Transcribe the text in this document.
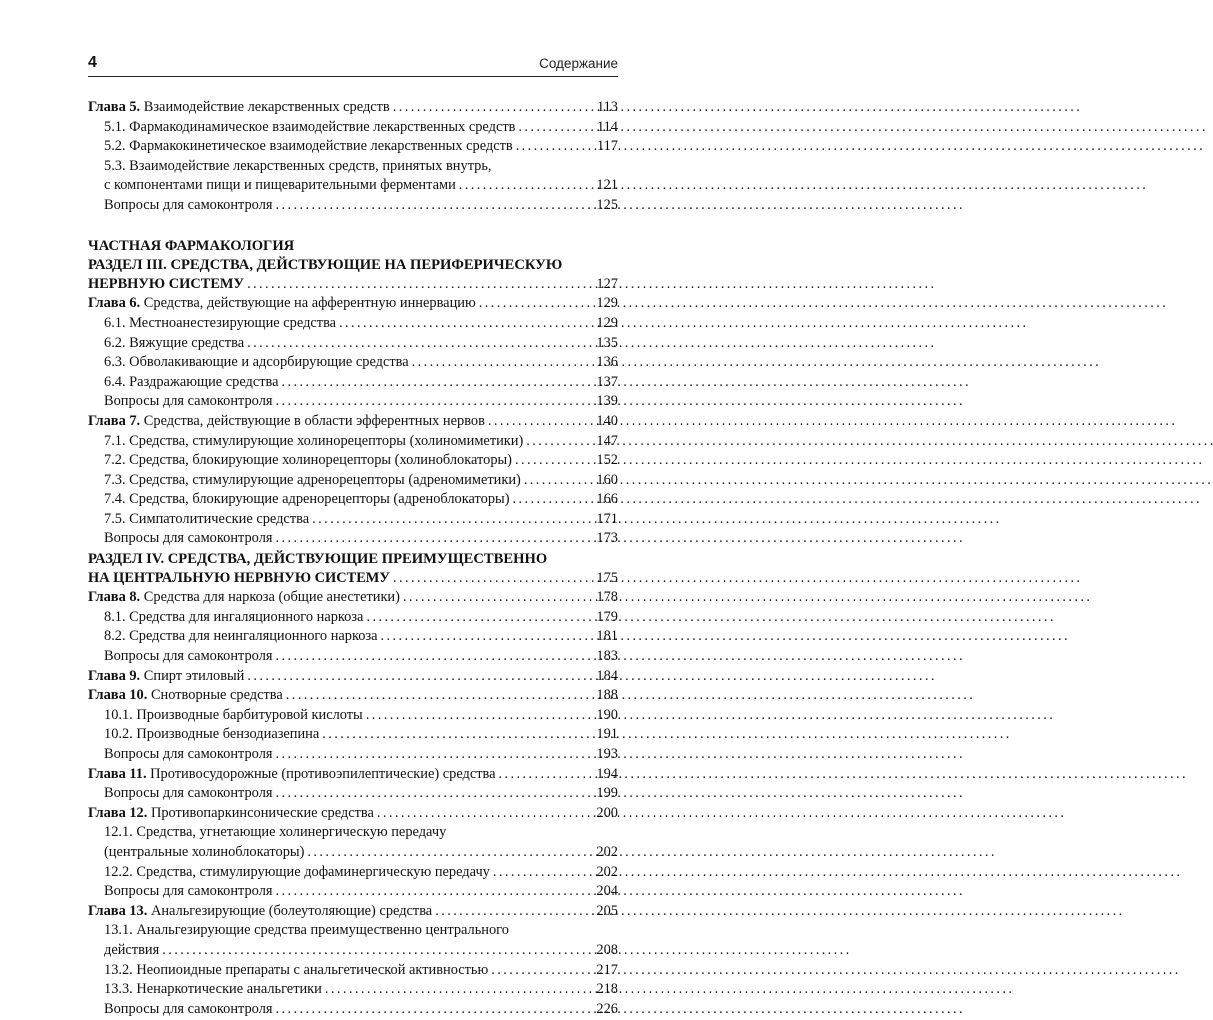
4	Содержание
Глава 5. Взаимодействие лекарственных средств . . .	113
5.1. Фармакодинамическое взаимодействие лекарственных средств . . .	114
5.2. Фармакокинетическое взаимодействие лекарственных средств . . .	117
5.3. Взаимодействие лекарственных средств, принятых внутрь,
с компонентами пищи и пищеварительными ферментами . . .	121
Вопросы для самоконтроля . . .	125
ЧАСТНАЯ ФАРМАКОЛОГИЯ
РАЗДЕЛ III. СРЕДСТВА, ДЕЙСТВУЮЩИЕ НА ПЕРИФЕРИЧЕСКУЮ
НЕРВНУЮ СИСТЕМУ . . .	127
Глава 6. Средства, действующие на афферентную иннервацию . . .	129
6.1. Местноанестезирующие средства . . .	129
6.2. Вяжущие средства . . .	135
6.3. Обволакивающие и адсорбирующие средства . . .	136
6.4. Раздражающие средства . . .	137
Вопросы для самоконтроля . . .	139
Глава 7. Средства, действующие в области эфферентных нервов . . .	140
7.1. Средства, стимулирующие холинорецепторы (холиномиметики) . . .	147
7.2. Средства, блокирующие холинорецепторы (холиноблокаторы) . . .	152
7.3. Средства, стимулирующие адренорецепторы (адреномиметики) . . .	160
7.4. Средства, блокирующие адренорецепторы (адреноблокаторы) . . .	166
7.5. Симпатолитические средства . . .	171
Вопросы для самоконтроля . . .	173
РАЗДЕЛ IV. СРЕДСТВА, ДЕЙСТВУЮЩИЕ ПРЕИМУЩЕСТВЕННО
НА ЦЕНТРАЛЬНУЮ НЕРВНУЮ СИСТЕМУ . . .	175
Глава 8. Средства для наркоза (общие анестетики) . . .	178
8.1. Средства для ингаляционного наркоза . . .	179
8.2. Средства для неингаляционного наркоза . . .	181
Вопросы для самоконтроля . . .	183
Глава 9. Спирт этиловый . . .	184
Глава 10. Снотворные средства . . .	188
10.1. Производные барбитуровой кислоты . . .	190
10.2. Производные бензодиазепина . . .	191
Вопросы для самоконтроля . . .	193
Глава 11. Противосудорожные (противоэпилептические) средства . . .	194
Вопросы для самоконтроля . . .	199
Глава 12. Противопаркинсонические средства . . .	200
12.1. Средства, угнетающие холинергическую передачу
(центральные холиноблокаторы) . . .	202
12.2. Средства, стимулирующие дофаминергическую передачу . . .	202
Вопросы для самоконтроля . . .	204
Глава 13. Анальгезирующие (болеутоляющие) средства . . .	205
13.1. Анальгезирующие средства преимущественно центрального
действия . . .	208
13.2. Неопиоидные препараты с анальгетической активностью . . .	217
13.3. Ненаркотические анальгетики . . .	218
Вопросы для самоконтроля . . .	226
